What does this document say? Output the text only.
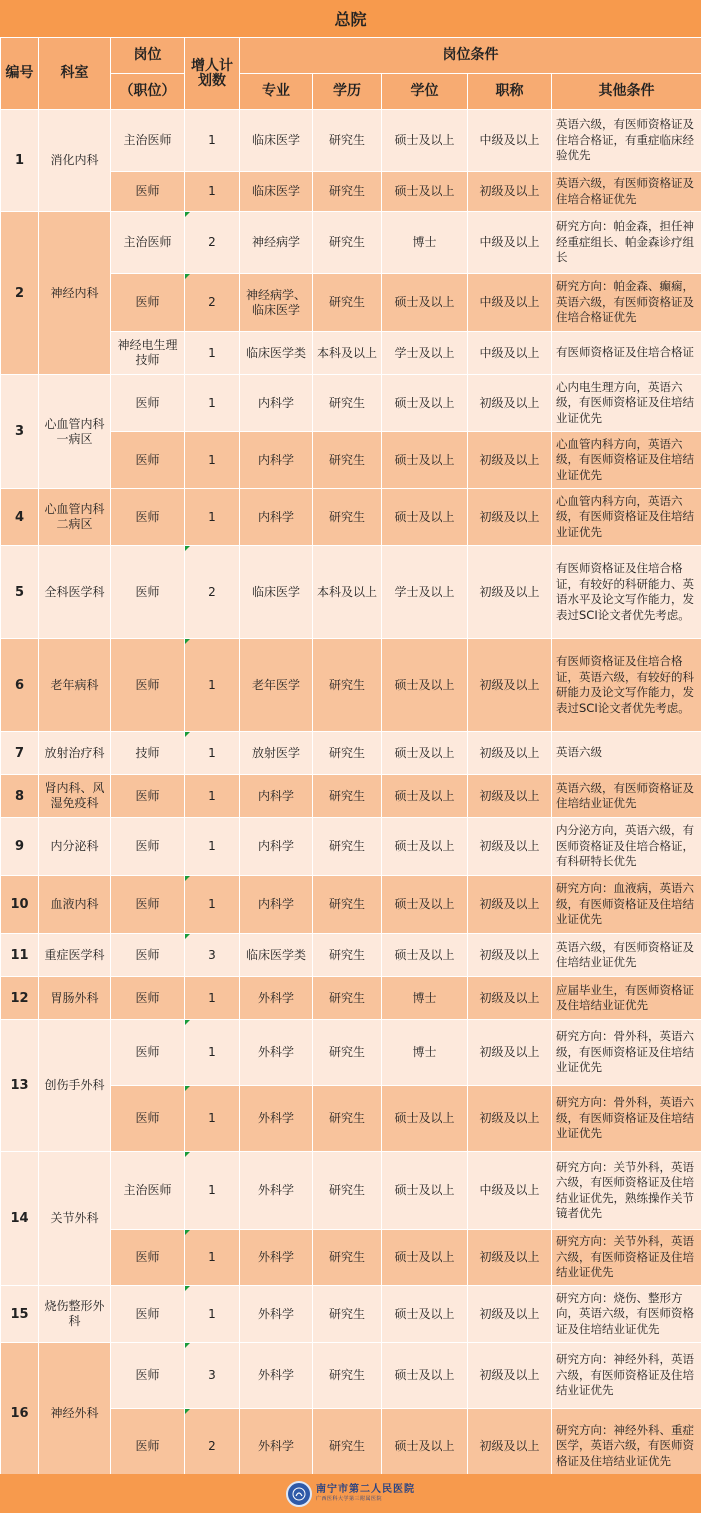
总院
编号	科室	岗位	增人计划数	岗位条件				
		（职位）		专业	学历	学位	职称	其他条件
1	消化内科	主治医师	1	临床医学	研究生	硕士及以上	中级及以上	英语六级，有医师资格证及住培合格证，有重症临床经验优先
		医师	1	临床医学	研究生	硕士及以上	初级及以上	英语六级，有医师资格证及住培合格证优先
2	神经内科	主治医师	2	神经病学	研究生	博士	中级及以上	研究方向：帕金森，担任神经重症组长、帕金森诊疗组长
		医师	2	神经病学、临床医学	研究生	硕士及以上	中级及以上	研究方向：帕金森、癫痫，英语六级，有医师资格证及住培合格证优先
		神经电生理技师	1	临床医学类	本科及以上	学士及以上	中级及以上	有医师资格证及住培合格证
3	心血管内科一病区	医师	1	内科学	研究生	硕士及以上	初级及以上	心内电生理方向，英语六级，有医师资格证及住培结业证优先
		医师	1	内科学	研究生	硕士及以上	初级及以上	心血管内科方向，英语六级，有医师资格证及住培结业证优先
4	心血管内科二病区	医师	1	内科学	研究生	硕士及以上	初级及以上	心血管内科方向，英语六级，有医师资格证及住培结业证优先
5	全科医学科	医师	2	临床医学	本科及以上	学士及以上	初级及以上	有医师资格证及住培合格证，有较好的科研能力、英语水平及论文写作能力，发表过SCI论文者优先考虑。
6	老年病科	医师	1	老年医学	研究生	硕士及以上	初级及以上	有医师资格证及住培合格证，英语六级，有较好的科研能力及论文写作能力，发表过SCI论文者优先考虑。
7	放射治疗科	技师	1	放射医学	研究生	硕士及以上	初级及以上	英语六级
8	肾内科、风湿免疫科	医师	1	内科学	研究生	硕士及以上	初级及以上	英语六级，有医师资格证及住培结业证优先
9	内分泌科	医师	1	内科学	研究生	硕士及以上	初级及以上	内分泌方向，英语六级，有医师资格证及住培合格证，有科研特长优先
10	血液内科	医师	1	内科学	研究生	硕士及以上	初级及以上	研究方向：血液病，英语六级，有医师资格证及住培结业证优先
11	重症医学科	医师	3	临床医学类	研究生	硕士及以上	初级及以上	英语六级，有医师资格证及住培结业证优先
12	胃肠外科	医师	1	外科学	研究生	博士	初级及以上	应届毕业生，有医师资格证及住培结业证优先
13	创伤手外科	医师	1	外科学	研究生	博士	初级及以上	研究方向：骨外科，英语六级，有医师资格证及住培结业证优先
		医师	1	外科学	研究生	硕士及以上	初级及以上	研究方向：骨外科，英语六级，有医师资格证及住培结业证优先
14	关节外科	主治医师	1	外科学	研究生	硕士及以上	中级及以上	研究方向：关节外科，英语六级，有医师资格证及住培结业证优先，熟练操作关节镜者优先
		医师	1	外科学	研究生	硕士及以上	初级及以上	研究方向：关节外科，英语六级，有医师资格证及住培结业证优先
15	烧伤整形外科	医师	1	外科学	研究生	硕士及以上	初级及以上	研究方向：烧伤、整形方向，英语六级，有医师资格证及住培结业证优先
16	神经外科	医师	3	外科学	研究生	硕士及以上	初级及以上	研究方向：神经外科，英语六级，有医师资格证及住培结业证优先
		医师	2	外科学	研究生	硕士及以上	初级及以上	研究方向：神经外科、重症医学，英语六级，有医师资格证及住培结业证优先
南宁市第二人民医院
广西医科大学第三附属医院
